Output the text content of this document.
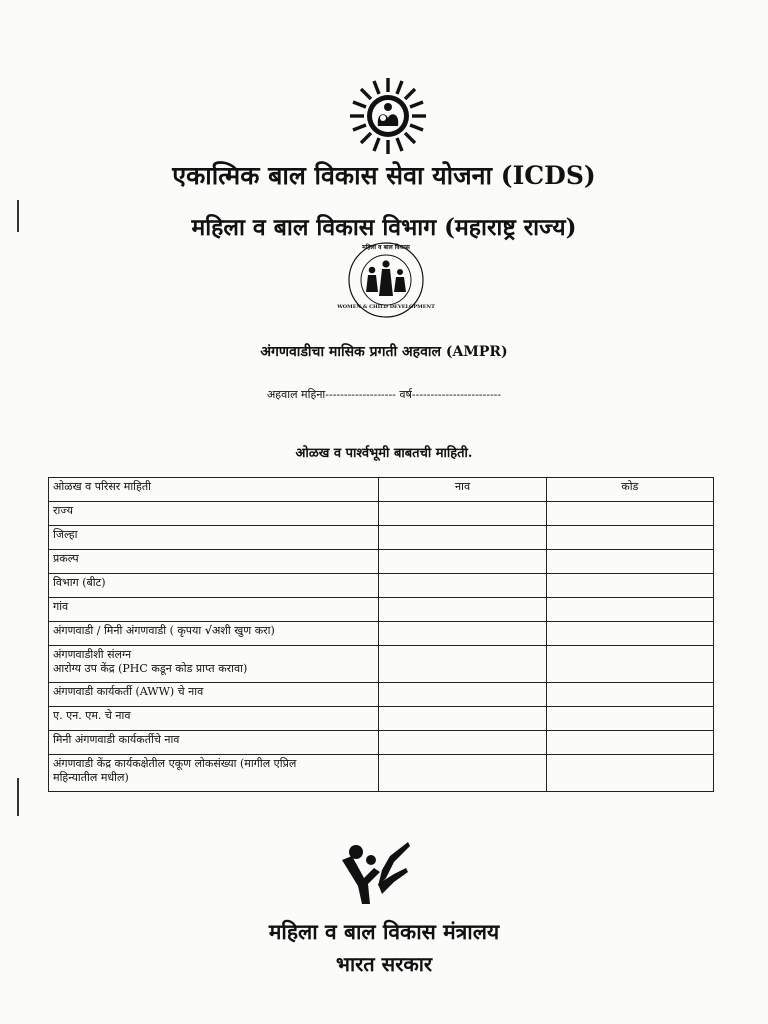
एकात्मिक बाल विकास सेवा योजना (ICDS)
महिला व बाल विकास विभाग (महाराष्ट्र राज्य)
महिला व बाल विकास
WOMEN & CHILD DEVELOPMENT
अंगणवाडीचा मासिक प्रगती अहवाल (AMPR)
अहवाल महिना------------------- वर्ष------------------------
ओळख व पार्श्वभूमी बाबतची माहिती.
ओळख व परिसर माहिती	नाव	कोड
राज्य		
जिल्हा		
प्रकल्प		
विभाग (बीट)		
गांव		
अंगणवाडी / मिनी अंगणवाडी ( कृपया √अशी खुण करा)		

अंगणवाडीशी संलग्न
आरोग्य उप केंद्र (PHC कडून कोड प्राप्त करावा)		

अंगणवाडी कार्यकर्ती (AWW) चे नाव		
ए. एन. एम. चे नाव		
मिनी अंगणवाडी कार्यकर्तीचे नाव		

अंगणवाडी केंद्र कार्यकक्षेतील एकूण लोकसंख्या (मागील एप्रिल
महिन्यातील मधील)		

महिला व बाल विकास मंत्रालय
भारत सरकार
